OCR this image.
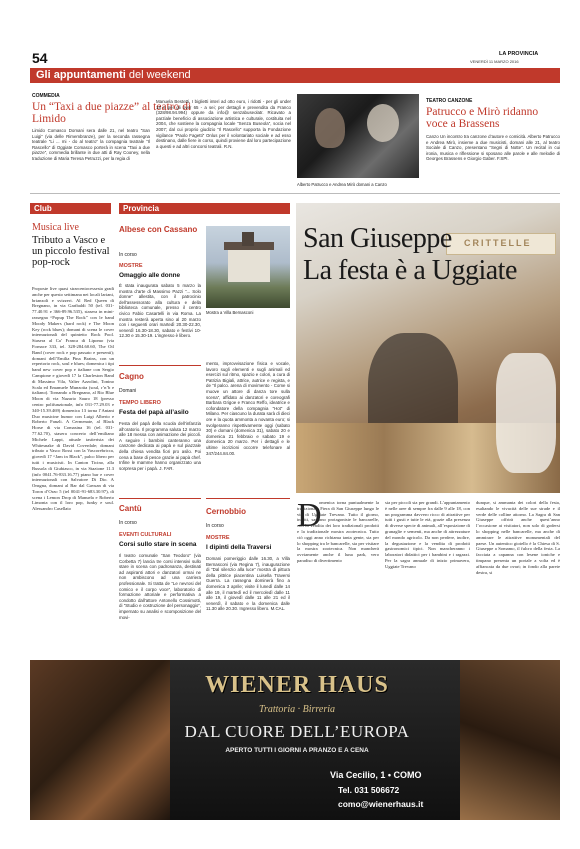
54	LA PROVINCIA
VENERDÌ 11 MARZO 2016
Gli appuntamenti del weekend
COMMEDIA
Un “Taxi a due piazze” al teatro di Limido
Limido Comasco Domani sera dalle 21, nel teatro “San Luigi” (via delle Rimembranze), per la seconda rassegna teatrale “Li ... mi - do al teatro” la compagnia teatrale “Il Rascello” di Oggiate Comasco porterà in scena “Taxi a due piazze”, commedia brillante in due atti di Ray Cooney, nella traduzione di Maria Teresa Petruzzi, per la regia di
Manuela Bestetti. I biglietti interi ad otto euro, i ridotti - per gli under 18 e per gli over 65 - a sei; per dettagli e prevendita da Franco (328/98.94.994) oppure da info@ senzabuseolatr. Ricavato a parziale beneficio di associazione artistica e culturale, costituita nel 2004, che sostiene la compagnia locale “Senza Buseola”, socia nel 2007; dal cui proprio giudizio “Il Rascello” supporta la Fondazione vigilance “Paolo Fagetti” Onlus per il volontariato sociale e ad esso destinano, dalle fiere in corso, quindi proviene dal loro partecipazione a questi e ad altri concorsi teatrali. R.N.
Alberto Patrucco e Andrea Mirò domani a Canzo
TEATRO CANZONE
Patrucco e Mirò ridanno voce a Brassens
Canzo Un incontro tra canzone d’autore e comicità. Alberto Patrucco e Andrea Mirò, insieme a due musicisti, domani alle 21, al teatro Sociale di Canzo, presentano “Segni di Notte”. Un recital in cui ironia, musica e riflessione si sposano alle parole e alle melodie di Georges Brassens e Giorgio Gaber. F.SPI.
Club
Musica live
Tributo a Vasco e un piccolo festival pop-rock
Proposte live quasi strarcentocessesta gradi anche per questo settimana nei locali lariani, brianzoli e svizzeri. Al Red Queen di Bregnano, in via Garibaldi 50 (tel. 031-77.40.91 e 366-89.96.535), stasera in mini-rassegna “Popup The Rock” con le band Moody Makers (hard rock) e The Moon Key (rock blues); domani di scena le cover internazionali del quintetto Rock Pool. Stasera al Ca’ Franca di Lipomo (via Fornace 333, tel. 328-284.60.60, The Oil Band (cover rock e pop passato e presenti); domani dell’Emilia Pina Brains, con un repertorio rock, soul e blues; domenica i tipi band new cover pop e italiane con Sergio Campione e giovedì 17 la Charleston Band di Massimo Vila, Valter Azzolini, Tonino Scala ed Emanuele Munzotta (soul, r’n’b e italiano). Tornando a Bregnano, al Rio Blue Moon di via Nazario Sauro 18 (presso centro polifunzionale, info 031-77.29.03 e 340-15.39.469) domenica 13 torna l’Antani Duo musicine humor con Luigi Alberio e Roberto Fanzli. A Cermenate, al Black Horse di via Comasina 16 (tel. 031-77.62.70), stasera concerto dell’emiliano Michele Lappi, attuale tastierista dei Whitesnake di David Coverdale; domani tributo a Vasco Rossi con la Vascorebricca, giovedì 17 “Jam in Black”, palco libero per tutti i musicisti. In Canton Ticino, alla Bussola di Giubiasco, in via Stazione 11.3 (info 0041.76-833.16.77) piano bar e cover internazionali con Salvatore Di Dio. A Onsgna, domani al Bar dal Gavuan di via Toron d’Orzo 5 (tel 0041-91-683.30.97), di scena i Lemon Drop di Manuela e Roberto Limonta con il loro pop, funky e soul. Alessandro Casellato
Provincia
Albese con Cassano
In corso
MOSTRE
Omaggio alle donne
È stata inaugurata sabato 5 marzo la mostra d’arte di Massimo Pazzi “... Solo donne” allestita, con il patrocinio dell’assessorato alla cultura e della biblioteca comunale, presso il centro civico Fabio Casartelli in via Roma. La mostra resterà aperta sino al 20 marzo con i seguenti orari martedì 20.30-22.30, venerdì 16.30-18.30, sabato e festivi 10-12.30 e 15.30-19. L’ingresso è libero.
Mostra a Villa Bernasconi
Cagno
Domani
TEMPO LIBERO
Festa del papà all’asilo
Festa del papà della scuola dell’infanzia all’oratorio. Il programma saluta 12 marzo alle 18 messa con animazione dei piccoli. A seguire i bambini canteranno una canzone dedicata ai papà e sul piazzale della chiesa vendita fiori pro asilo. Poi cena a base di pesce grazie ai papà chef. Infine le mamme hanno organizzato una sorpresa per i papà. J. FAR.
mento, improvvisazione fisica e vocale, lavoro sugli elementi e sugli animali ed esercizi sul ritmo, spazio e colori, a cura di Patrizia Bigiali, attrice, autrice e regista, e de “Il palco. arena di movimento - Come si muove un attore di danza tore sulla scena”, affidato ai danzatori e coreografi Barbara Grigoe e Franco Reffo, ideatrice e cofondatore della compagnia “Hot” di Milano. Per ciascuno la durata sarà di dieci ore e la quota ammonta a novanta euro; si svolgeranno rispettivamente oggi (sabato 30) e domani (domenica 31), sabato 20 e domenica 21 febbraio e sabato 19 e domenica 20 marzo. Per i dettagli e le ultime iscrizioni occorre telefonare al 347/244.84.00.
Cantù
In corso
EVENTI CULTURALI
Corsi sullo stare in scena
Il teatro comunale “San Teodoro” (via Corbetta 7) lancia tre corsi intensivi sullo stare in scena con padronanza, destinati ad aspiranti attori e danzatori ormai ne non ambiscono ad una carriera professionale. Si tratta de “Le nevrosi del comico e il corpo voce”, laboratorio di formazione attoriale e performativa a condotto dall’attore Antonello Cossimotti, di “Studio e costruzione del personaggio”, impernato su analisi e scomposizione del movi-
Cernobbio
In corso
MOSTRE
I dipinti della Traversi
Domani pomeriggio dalle 16.30, a Villa Bernasconi (via Regina 7), inaugurazione di “Dal silenzio alla luce” mostra di pittura della pittrice piacentina Luisella Traversi Guerra. La rassegna dominerà fino a domenica 3 aprile; visite il lunedì dalle 14 alle 19, il martedì ed il mercoledì dalle 11 alle 19, il giovedì dalle 11 alle 21 ed il venerdì, il sabato e la domenica dalle 11.30 alle 20.30. Ingresso libero. M.CAL.
CRITTELLE
San Giuseppe
La festa è a Uggiate
D
omenica torna puntualmente la tradizionale Fiera di San Giuseppe lungo le vie di Uggiate Trevano. Tutto il giorno, infatti, saranno protagoniste le bancarelle, con la vendita dei loro tradizionali prodotti e la tradizionale mostra zootecnica. Tutto ciò oggi anno richiama tanta gente, sia per lo shopping tra le bancarelle, sia per visitare la mostra zootecnica. Non mancherà ovviamente anche il luna park, vero paradiso di divertimento
sia per piccoli sia per grandi. L’appuntamento è nelle aree di sempre fra dalle 9 alle 18, con un programma davvero ricco di attrattive per tutti i gusti e tutte le età, grazie alla presenza di diverse specie di animali, all’esposizione di granaglie e sementi, ma anche di attrezzature del mondo agricolo. Da non perdere, inoltre, la degustazione e la vendita di prodotti gastronomici tipici. Non mancheranno i laboratori didattici per i bambini e i ragazzi. Per la sagra annuale di inizio primavera, Uggiate Trevano
dunque, si ammanta dei colori della festa, esaltando le vivacità delle sue strade e il verde delle colline attorno. La Sagra di San Giuseppe offrirà anche quest’anno l’occasione ai visitatori, non solo di godersi lo shopping nelle bancarelle, ma anche di ammirare le attrattive monumentali del paese. Un autentico gioiello è la Chiesa di S. Giuseppe a Somamo, il fulcro della festa. La facciata a capanna con lesene ioniche e timpano presenta un portale a volta ed è affiancata da due ovari; in fondo alla parete destra, si
WIENER HAUS
Trattoria · Birreria
DAL CUORE DELL’EUROPA
APERTO TUTTI I GIORNI A PRANZO E A CENA
Via Cecilio, 1 • COMO
Tel. 031 506672
como@wienerhaus.it
